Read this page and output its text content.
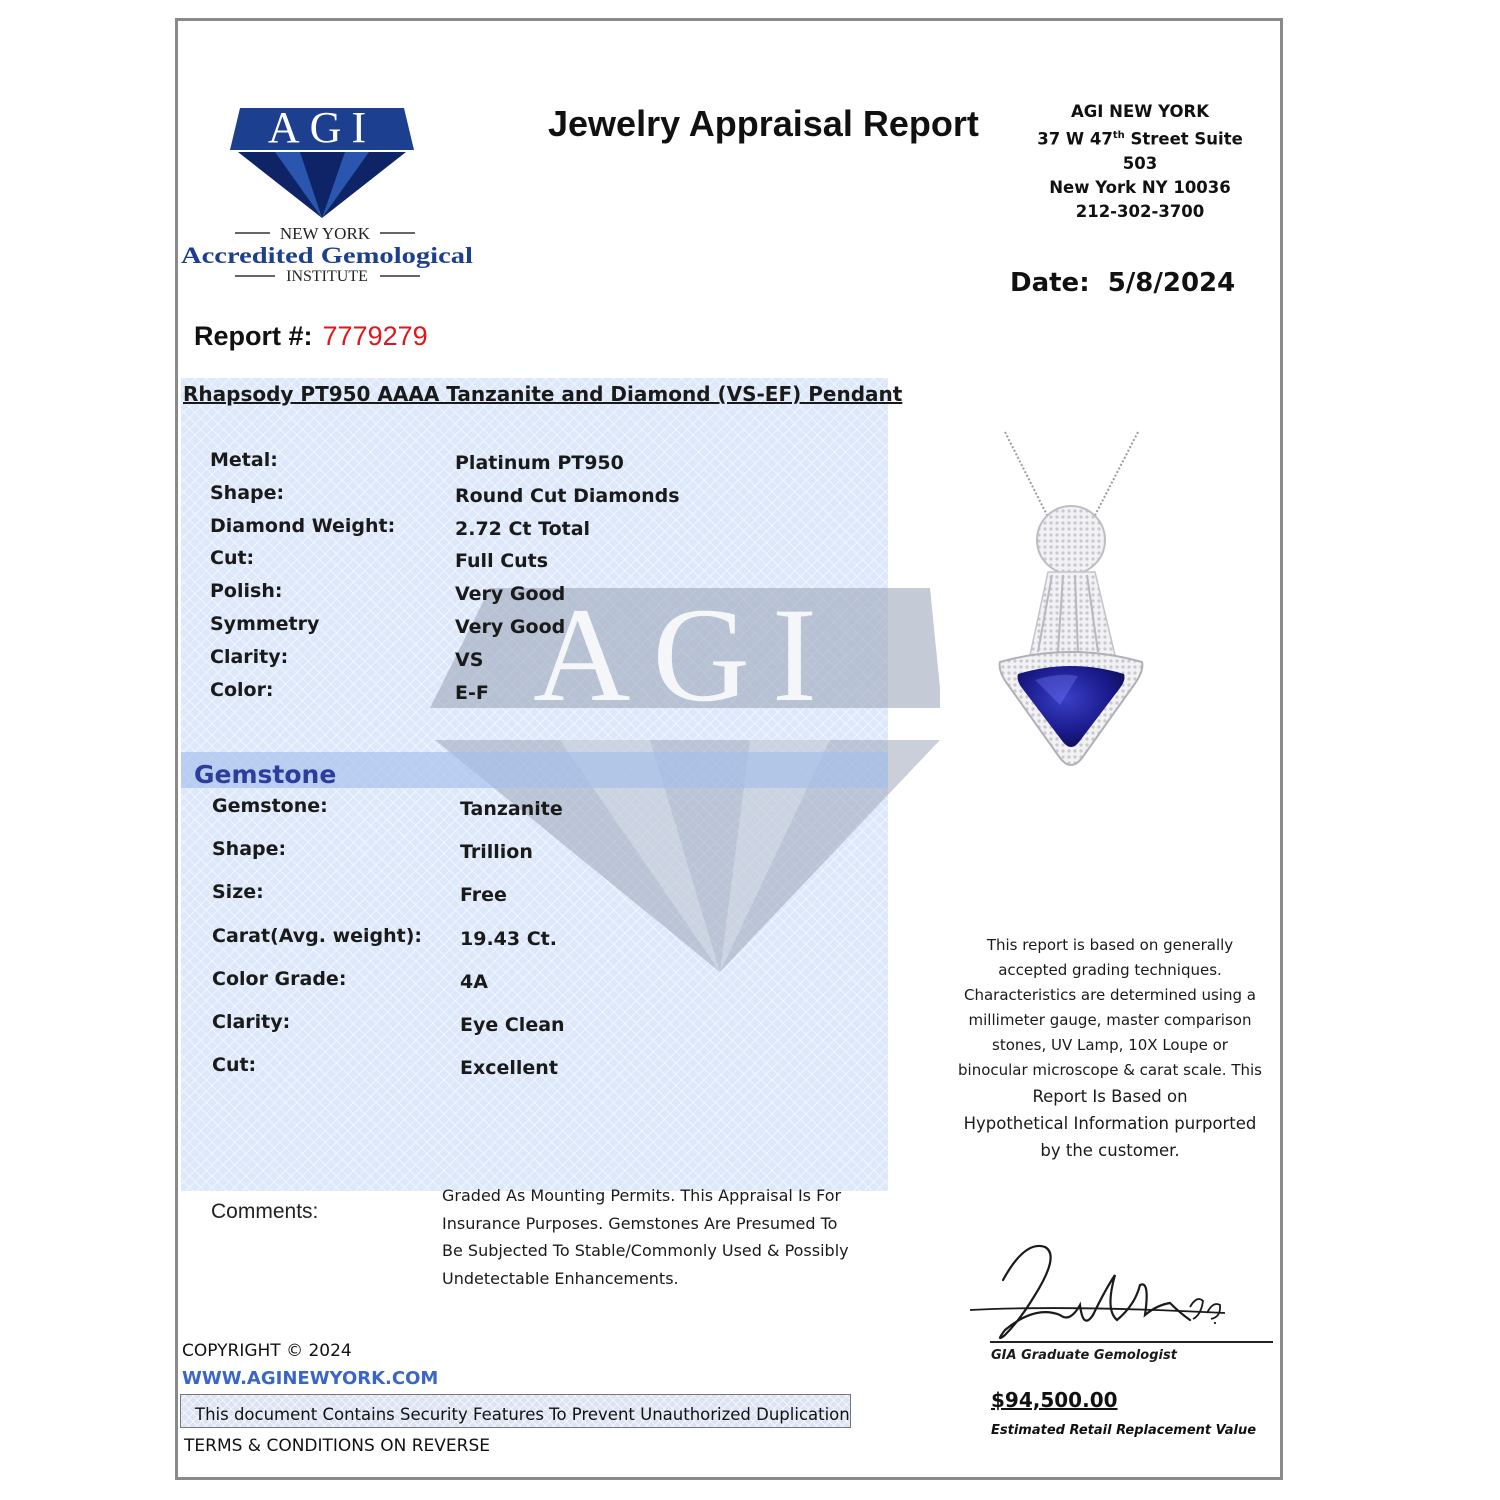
AGI
NEW YORK
Accredited Gemological
INSTITUTE
Jewelry Appraisal Report	AGI NEW YORK
37 W 47th Street Suite 503
New York NY 10036
212-302-3700
Date: 5/8/2024
Report #: 7779279
AGI
Rhapsody PT950 AAAA Tanzanite and Diamond (VS-EF) Pendant
Metal:	Platinum PT950
Shape:	Round Cut Diamonds
Diamond Weight:	2.72 Ct Total
Cut:	Full Cuts
Polish:	Very Good
Symmetry	Very Good
Clarity:	VS
Color:	E-F
Gemstone
Gemstone:	Tanzanite
Shape:	Trillion
Size:	Free
Carat(Avg. weight): 19.43 Ct.
Color Grade:	4A
Clarity:	Eye Clean
Cut:	Excellent
This report is based on generally
accepted grading techniques.
Characteristics are determined using a
millimeter gauge, master comparison
stones, UV Lamp, 10X Loupe or
binocular microscope & carat scale. This
Report Is Based on
Hypothetical Information purported
by the customer.
Comments:
Graded As Mounting Permits. This Appraisal Is For
Insurance Purposes. Gemstones Are Presumed To
Be Subjected To Stable/Commonly Used & Possibly
Undetectable Enhancements.
GIA Graduate Gemologist
$94,500.00
Estimated Retail Replacement Value
COPYRIGHT © 2024
WWW.AGINEWYORK.COM
This document Contains Security Features To Prevent Unauthorized Duplication
TERMS & CONDITIONS ON REVERSE
